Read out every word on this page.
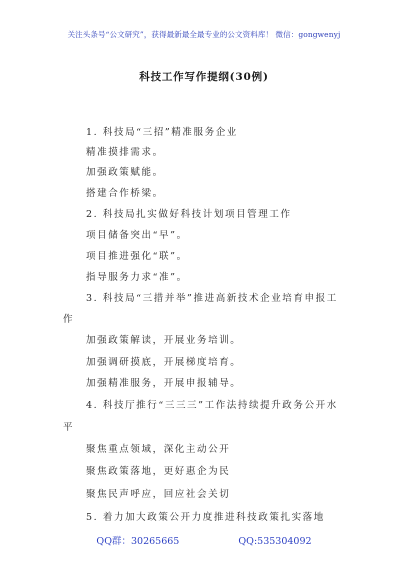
关注头条号“公文研究”，获得最新最全最专业的公文资料库！ 微信：gongwenyj
科技工作写作提纲(30例)
1. 科技局“三招”精准服务企业
精准摸排需求。
加强政策赋能。
搭建合作桥梁。
2. 科技局扎实做好科技计划项目管理工作
项目储备突出“早”。
项目推进强化“联”。
指导服务力求“准”。
3. 科技局“三措并举”推进高新技术企业培育申报工
作
加强政策解读，开展业务培训。
加强调研摸底，开展梯度培育。
加强精准服务，开展申报辅导。
4. 科技厅推行“三三三”工作法持续提升政务公开水
平
聚焦重点领域，深化主动公开
聚焦政策落地，更好惠企为民
聚焦民声呼应，回应社会关切
5. 着力加大政策公开力度推进科技政策扎实落地
QQ群：30265665	QQ:535304092
